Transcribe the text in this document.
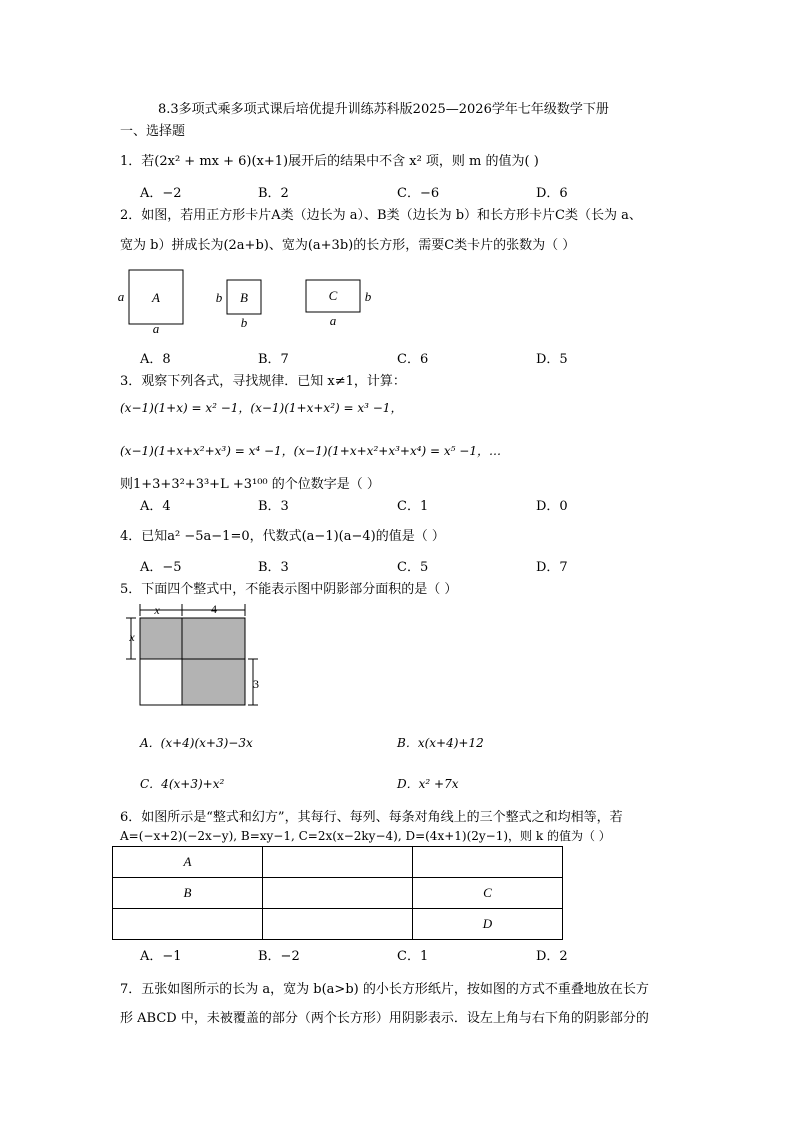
8.3多项式乘多项式课后培优提升训练苏科版2025—2026学年七年级数学下册
一、选择题
1．若(2x² + mx + 6)(x+1)展开后的结果中不含 x² 项，则 m 的值为( )
A．−2	B．2	C．−6	D．6
2．如图，若用正方形卡片A类（边长为 a）、B类（边长为 b）和长方形卡片C类（长为 a、
宽为 b）拼成长为(2a+b)、宽为(a+3b)的长方形，需要C类卡片的张数为（ ）
A
a
a
B
b
b
C b
a
A．8	B．7	C．6	D．5
3．观察下列各式，寻找规律．已知 x≠1，计算：
(x−1)(1+x) = x² −1，(x−1)(1+x+x²) = x³ −1，
(x−1)(1+x+x²+x³) = x⁴ −1，(x−1)(1+x+x²+x³+x⁴) = x⁵ −1，…
则1+3+3²+3³+L +3¹⁰⁰ 的个位数字是（ ）
A．4	B．3	C．1	D．0
4．已知a² −5a−1=0，代数式(a−1)(a−4)的值是（ ）
A．−5	B．3	C．5	D．7
5．下面四个整式中，不能表示图中阴影部分面积的是（ ）
x	4
x
3
A．(x+4)(x+3)−3x	B．x(x+4)+12
C．4(x+3)+x²	D．x² +7x
6．如图所示是“整式和幻方”，其每行、每列、每条对角线上的三个整式之和均相等，若
A=(−x+2)(−2x−y), B=xy−1, C=2x(x−2ky−4), D=(4x+1)(2y−1)，则 k 的值为（ ）
A		
B		C
		D
A．−1	B．−2	C．1	D．2
7．五张如图所示的长为 a，宽为 b(a>b) 的小长方形纸片，按如图的方式不重叠地放在长方
形 ABCD 中，未被覆盖的部分（两个长方形）用阴影表示．设左上角与右下角的阴影部分的
